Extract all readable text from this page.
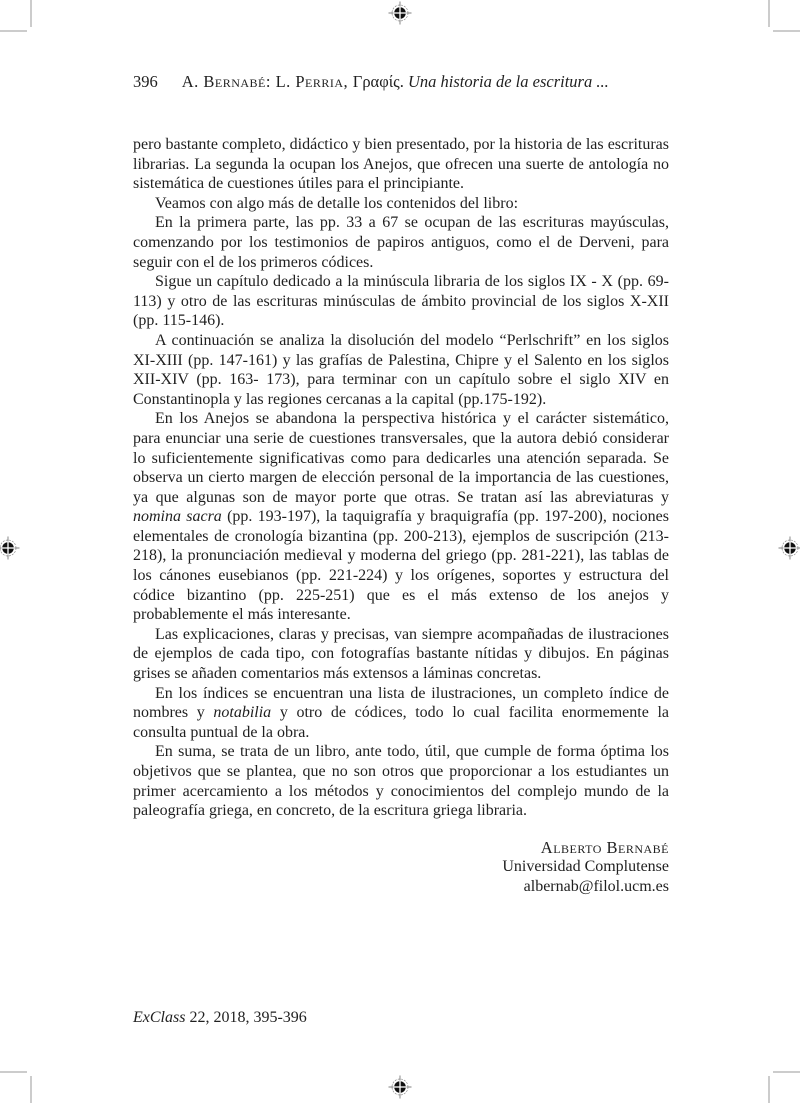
396 A. Bernabé: L. Perria, Γραφίς. Una historia de la escritura ...

pero bastante completo, didáctico y bien presentado, por la historia de las escrituras librarias. La segunda la ocupan los Anejos, que ofrecen una suerte de antología no sistemática de cuestiones útiles para el principiante.

Veamos con algo más de detalle los contenidos del libro:

En la primera parte, las pp. 33 a 67 se ocupan de las escrituras mayúsculas, comenzando por los testimonios de papiros antiguos, como el de Derveni, para seguir con el de los primeros códices.

Sigue un capítulo dedicado a la minúscula libraria de los siglos IX - X (pp. 69-113) y otro de las escrituras minúsculas de ámbito provincial de los siglos X-XII (pp. 115-146).

A continuación se analiza la disolución del modelo “Perlschrift” en los siglos XI-XIII (pp. 147-161) y las grafías de Palestina, Chipre y el Salento en los siglos XII-XIV (pp. 163- 173), para terminar con un capítulo sobre el siglo XIV en Constantinopla y las regiones cercanas a la capital (pp.175-192).

En los Anejos se abandona la perspectiva histórica y el carácter sistemático, para enunciar una serie de cuestiones transversales, que la autora debió considerar lo suficientemente significativas como para dedicarles una atención separada. Se observa un cierto margen de elección personal de la importancia de las cuestiones, ya que algunas son de mayor porte que otras. Se tratan así las abreviaturas y nomina sacra (pp. 193-197), la taquigrafía y braquigrafía (pp. 197-200), nociones elementales de cronología bizantina (pp. 200-213), ejemplos de suscripción (213-218), la pronunciación medieval y moderna del griego (pp. 281-221), las tablas de los cánones eusebianos (pp. 221-224) y los orígenes, soportes y estructura del códice bizantino (pp. 225-251) que es el más extenso de los anejos y probablemente el más interesante.

Las explicaciones, claras y precisas, van siempre acompañadas de ilustraciones de ejemplos de cada tipo, con fotografías bastante nítidas y dibujos. En páginas grises se añaden comentarios más extensos a láminas concretas.

En los índices se encuentran una lista de ilustraciones, un completo índice de nombres y notabilia y otro de códices, todo lo cual facilita enormemente la consulta puntual de la obra.

En suma, se trata de un libro, ante todo, útil, que cumple de forma óptima los objetivos que se plantea, que no son otros que proporcionar a los estudiantes un primer acercamiento a los métodos y conocimientos del complejo mundo de la paleografía griega, en concreto, de la escritura griega libraria.

Alberto Bernabé
Universidad Complutense
albernab@filol.ucm.es
ExClass 22, 2018, 395-396
